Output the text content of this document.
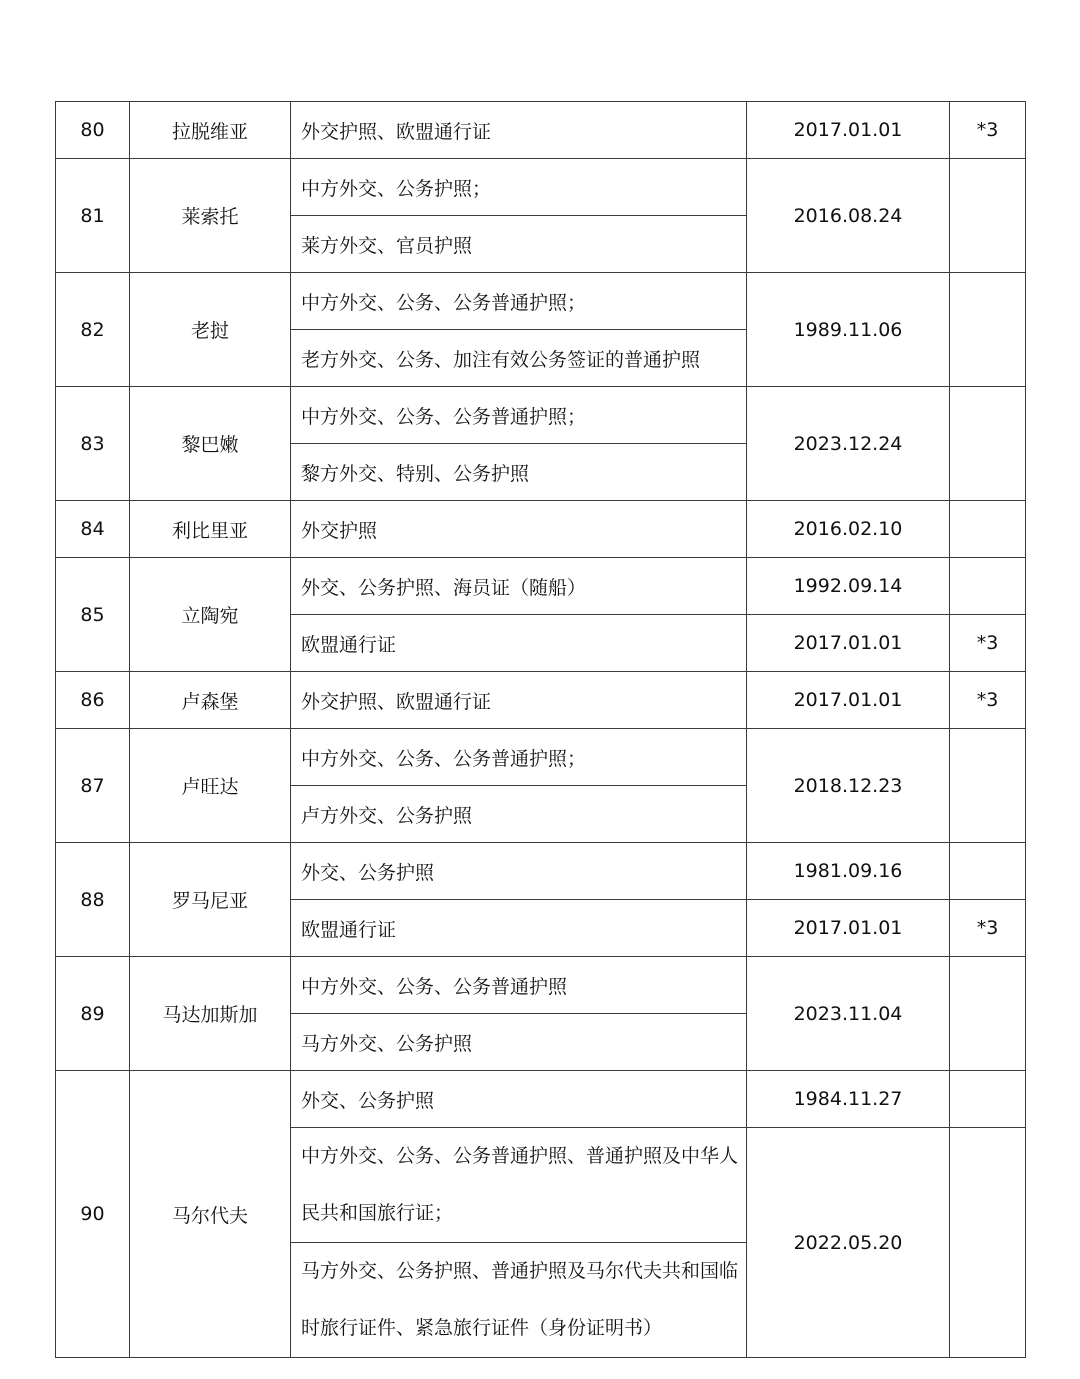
80	拉脱维亚	外交护照、欧盟通行证	2017.01.01	*3
81	莱索托	中方外交、公务护照；	2016.08.24	
		莱方外交、官员护照		
82	老挝	中方外交、公务、公务普通护照；	1989.11.06	
		老方外交、公务、加注有效公务签证的普通护照		
83	黎巴嫩	中方外交、公务、公务普通护照；	2023.12.24	
		黎方外交、特别、公务护照		
84	利比里亚	外交护照	2016.02.10	
85	立陶宛	外交、公务护照、海员证（随船）	1992.09.14	
		欧盟通行证	2017.01.01	*3
86	卢森堡	外交护照、欧盟通行证	2017.01.01	*3
87	卢旺达	中方外交、公务、公务普通护照；	2018.12.23	
		卢方外交、公务护照		
88	罗马尼亚	外交、公务护照	1981.09.16	
		欧盟通行证	2017.01.01	*3
89	马达加斯加	中方外交、公务、公务普通护照	2023.11.04	
		马方外交、公务护照		
90	马尔代夫	外交、公务护照	1984.11.27	
		中方外交、公务、公务普通护照、普通护照及中华人民共和国旅行证；	2022.05.20	
		马方外交、公务护照、普通护照及马尔代夫共和国临时旅行证件、紧急旅行证件（身份证明书）		
